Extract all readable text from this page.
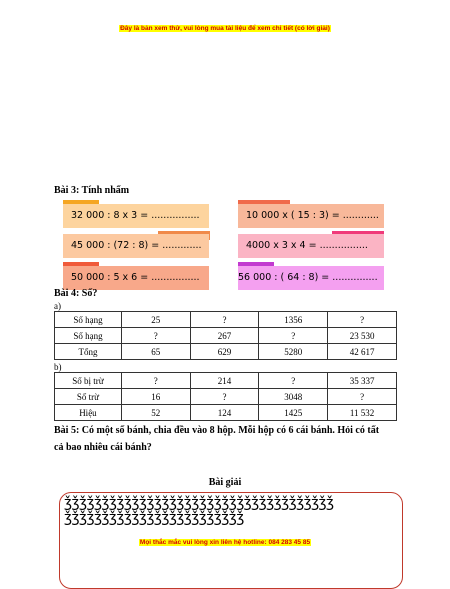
Đây là bản xem thử, vui lòng mua tài liệu để xem chi tiết (có lời giải)
Bài 3: Tính nhẩm
32 000 : 8 x 3 = ................	10 000 x ( 15 : 3) = ............
45 000 : (72 : 8) = .............	4000 x 3 x 4 = ................
50 000 : 5 x 6 = ................	56 000 : ( 64 : 8) = ...............
Bài 4: Số?
a)
Số hạng	25	?	1356	?
Số hạng	?	267	?	23 530
Tổng	65	629	5280	42 617
b)
Số bị trừ	?	214	?	35 337
Số trừ	16	?	3048	?
Hiệu	52	124	1425	11 532
Bài 5: Có một số bánh, chia đều vào 8 hộp. Mỗi hộp có 6 cái bánh. Hỏi có tất
cả bao nhiêu cái bánh?
Bài giải
ǯǯǯǯǯǯǯǯǯǯǯǯǯǯǯǯǯǯǯǯǯǯǯǯǯǯǯǯǯǯǯǯǯǯǯǯ
ǯǯǯǯǯǯǯǯǯǯǯǯǯǯǯǯǯǯǯǯǯǯǯǯ
Mọi thắc mắc vui lòng xin liên hệ hotline: 084 283 45 85
